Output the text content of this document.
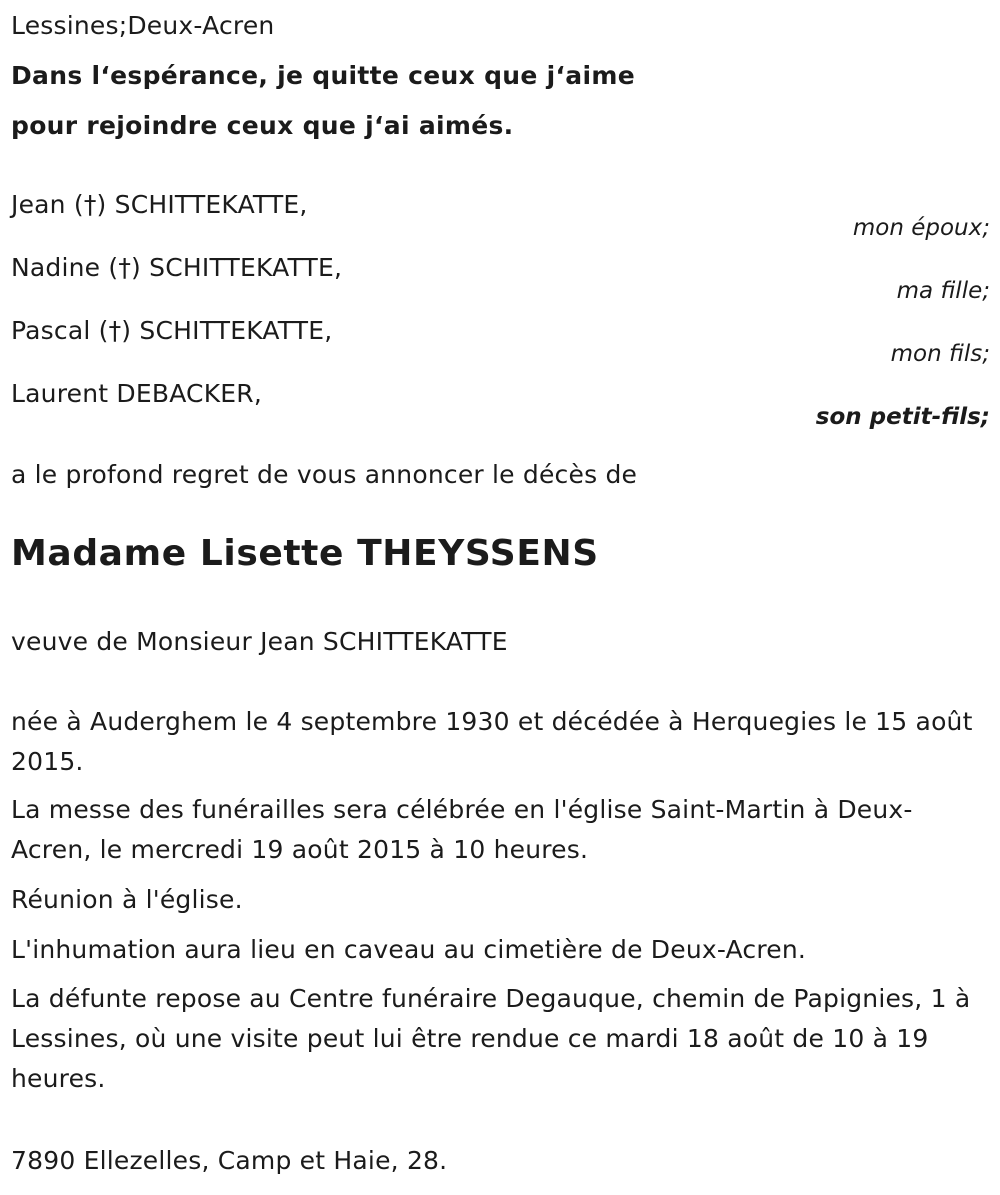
Lessines;Deux-Acren
Dans l‘espérance, je quitte ceux que j‘aime
pour rejoindre ceux que j‘ai aimés.
Jean (†) SCHITTEKATTE,
mon époux;
Nadine (†) SCHITTEKATTE,
ma fille;
Pascal (†) SCHITTEKATTE,
mon fils;
Laurent DEBACKER,
son petit-fils;
a le profond regret de vous annoncer le décès de
Madame Lisette THEYSSENS
veuve de Monsieur Jean SCHITTEKATTE
née à Auderghem le 4 septembre 1930 et décédée à Herquegies le 15 août 2015.
La messe des funérailles sera célébrée en l'église Saint-Martin à Deux-Acren, le mercredi 19 août 2015 à 10 heures.
Réunion à l'église.
L'inhumation aura lieu en caveau au cimetière de Deux-Acren.
La défunte repose au Centre funéraire Degauque, chemin de Papignies, 1 à Lessines, où une visite peut lui être rendue ce mardi 18 août de 10 à 19 heures.
7890 Ellezelles, Camp et Haie, 28.
